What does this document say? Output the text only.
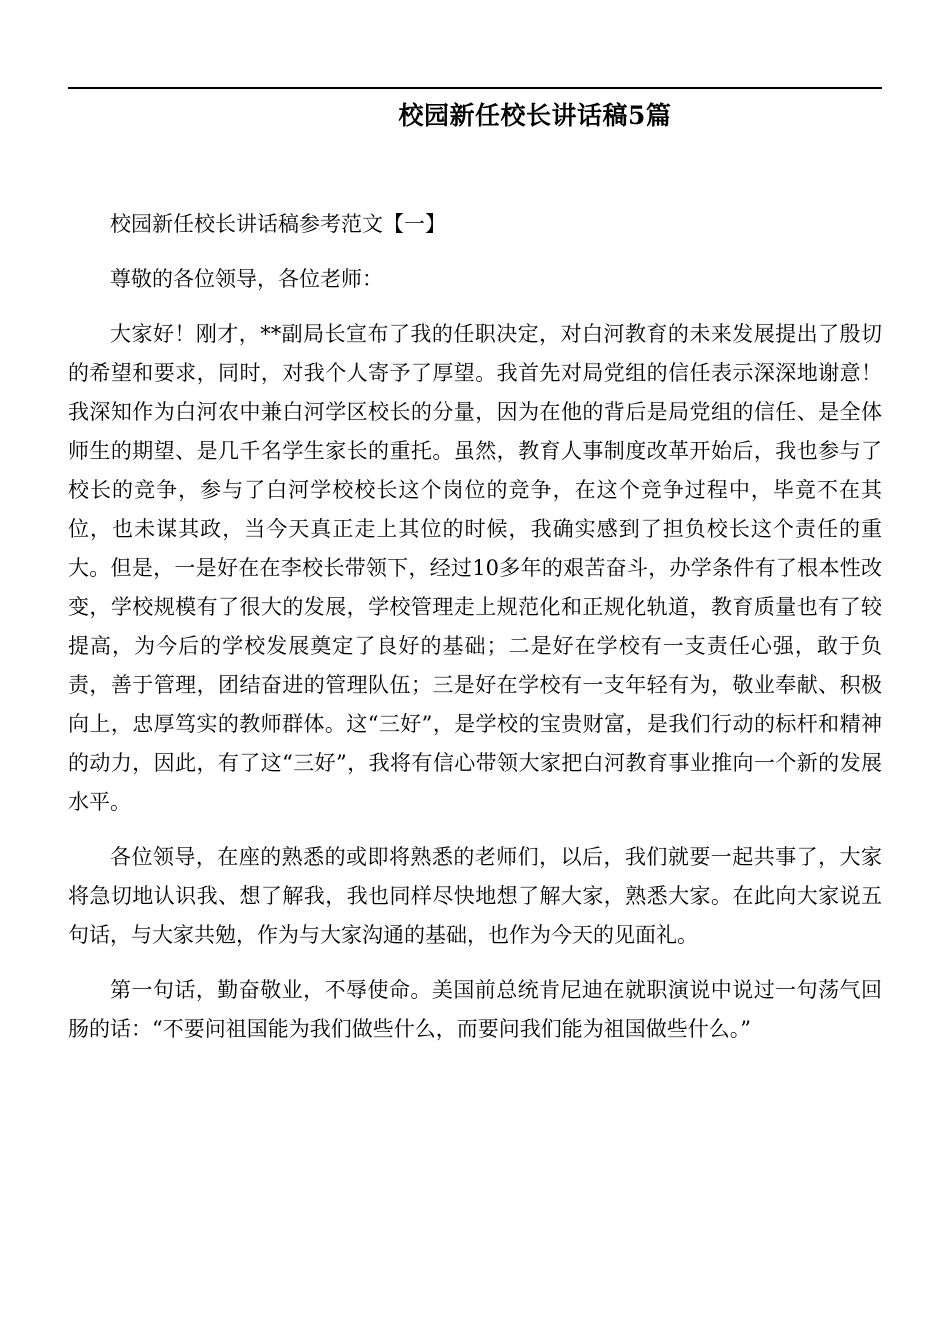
校园新任校长讲话稿5篇

校园新任校长讲话稿参考范文【一】

尊敬的各位领导，各位老师：

大家好！刚才，**副局长宣布了我的任职决定，对白河教育的未来发展提出了殷切的希望和要求，同时，对我个人寄予了厚望。我首先对局党组的信任表示深深地谢意！我深知作为白河农中兼白河学区校长的分量，因为在他的背后是局党组的信任、是全体师生的期望、是几千名学生家长的重托。虽然，教育人事制度改革开始后，我也参与了校长的竞争，参与了白河学校校长这个岗位的竞争，在这个竞争过程中，毕竟不在其位，也未谋其政，当今天真正走上其位的时候，我确实感到了担负校长这个责任的重大。但是，一是好在在李校长带领下，经过10多年的艰苦奋斗，办学条件有了根本性改变，学校规模有了很大的发展，学校管理走上规范化和正规化轨道，教育质量也有了较提高，为今后的学校发展奠定了良好的基础；二是好在学校有一支责任心强，敢于负责，善于管理，团结奋进的管理队伍；三是好在学校有一支年轻有为，敬业奉献、积极向上，忠厚笃实的教师群体。这“三好”，是学校的宝贵财富，是我们行动的标杆和精神的动力，因此，有了这“三好”，我将有信心带领大家把白河教育事业推向一个新的发展水平。

各位领导，在座的熟悉的或即将熟悉的老师们，以后，我们就要一起共事了，大家将急切地认识我、想了解我，我也同样尽快地想了解大家，熟悉大家。在此向大家说五句话，与大家共勉，作为与大家沟通的基础，也作为今天的见面礼。

第一句话，勤奋敬业，不辱使命。美国前总统肯尼迪在就职演说中说过一句荡气回肠的话：“不要问祖国能为我们做些什么，而要问我们能为祖国做些什么。”
